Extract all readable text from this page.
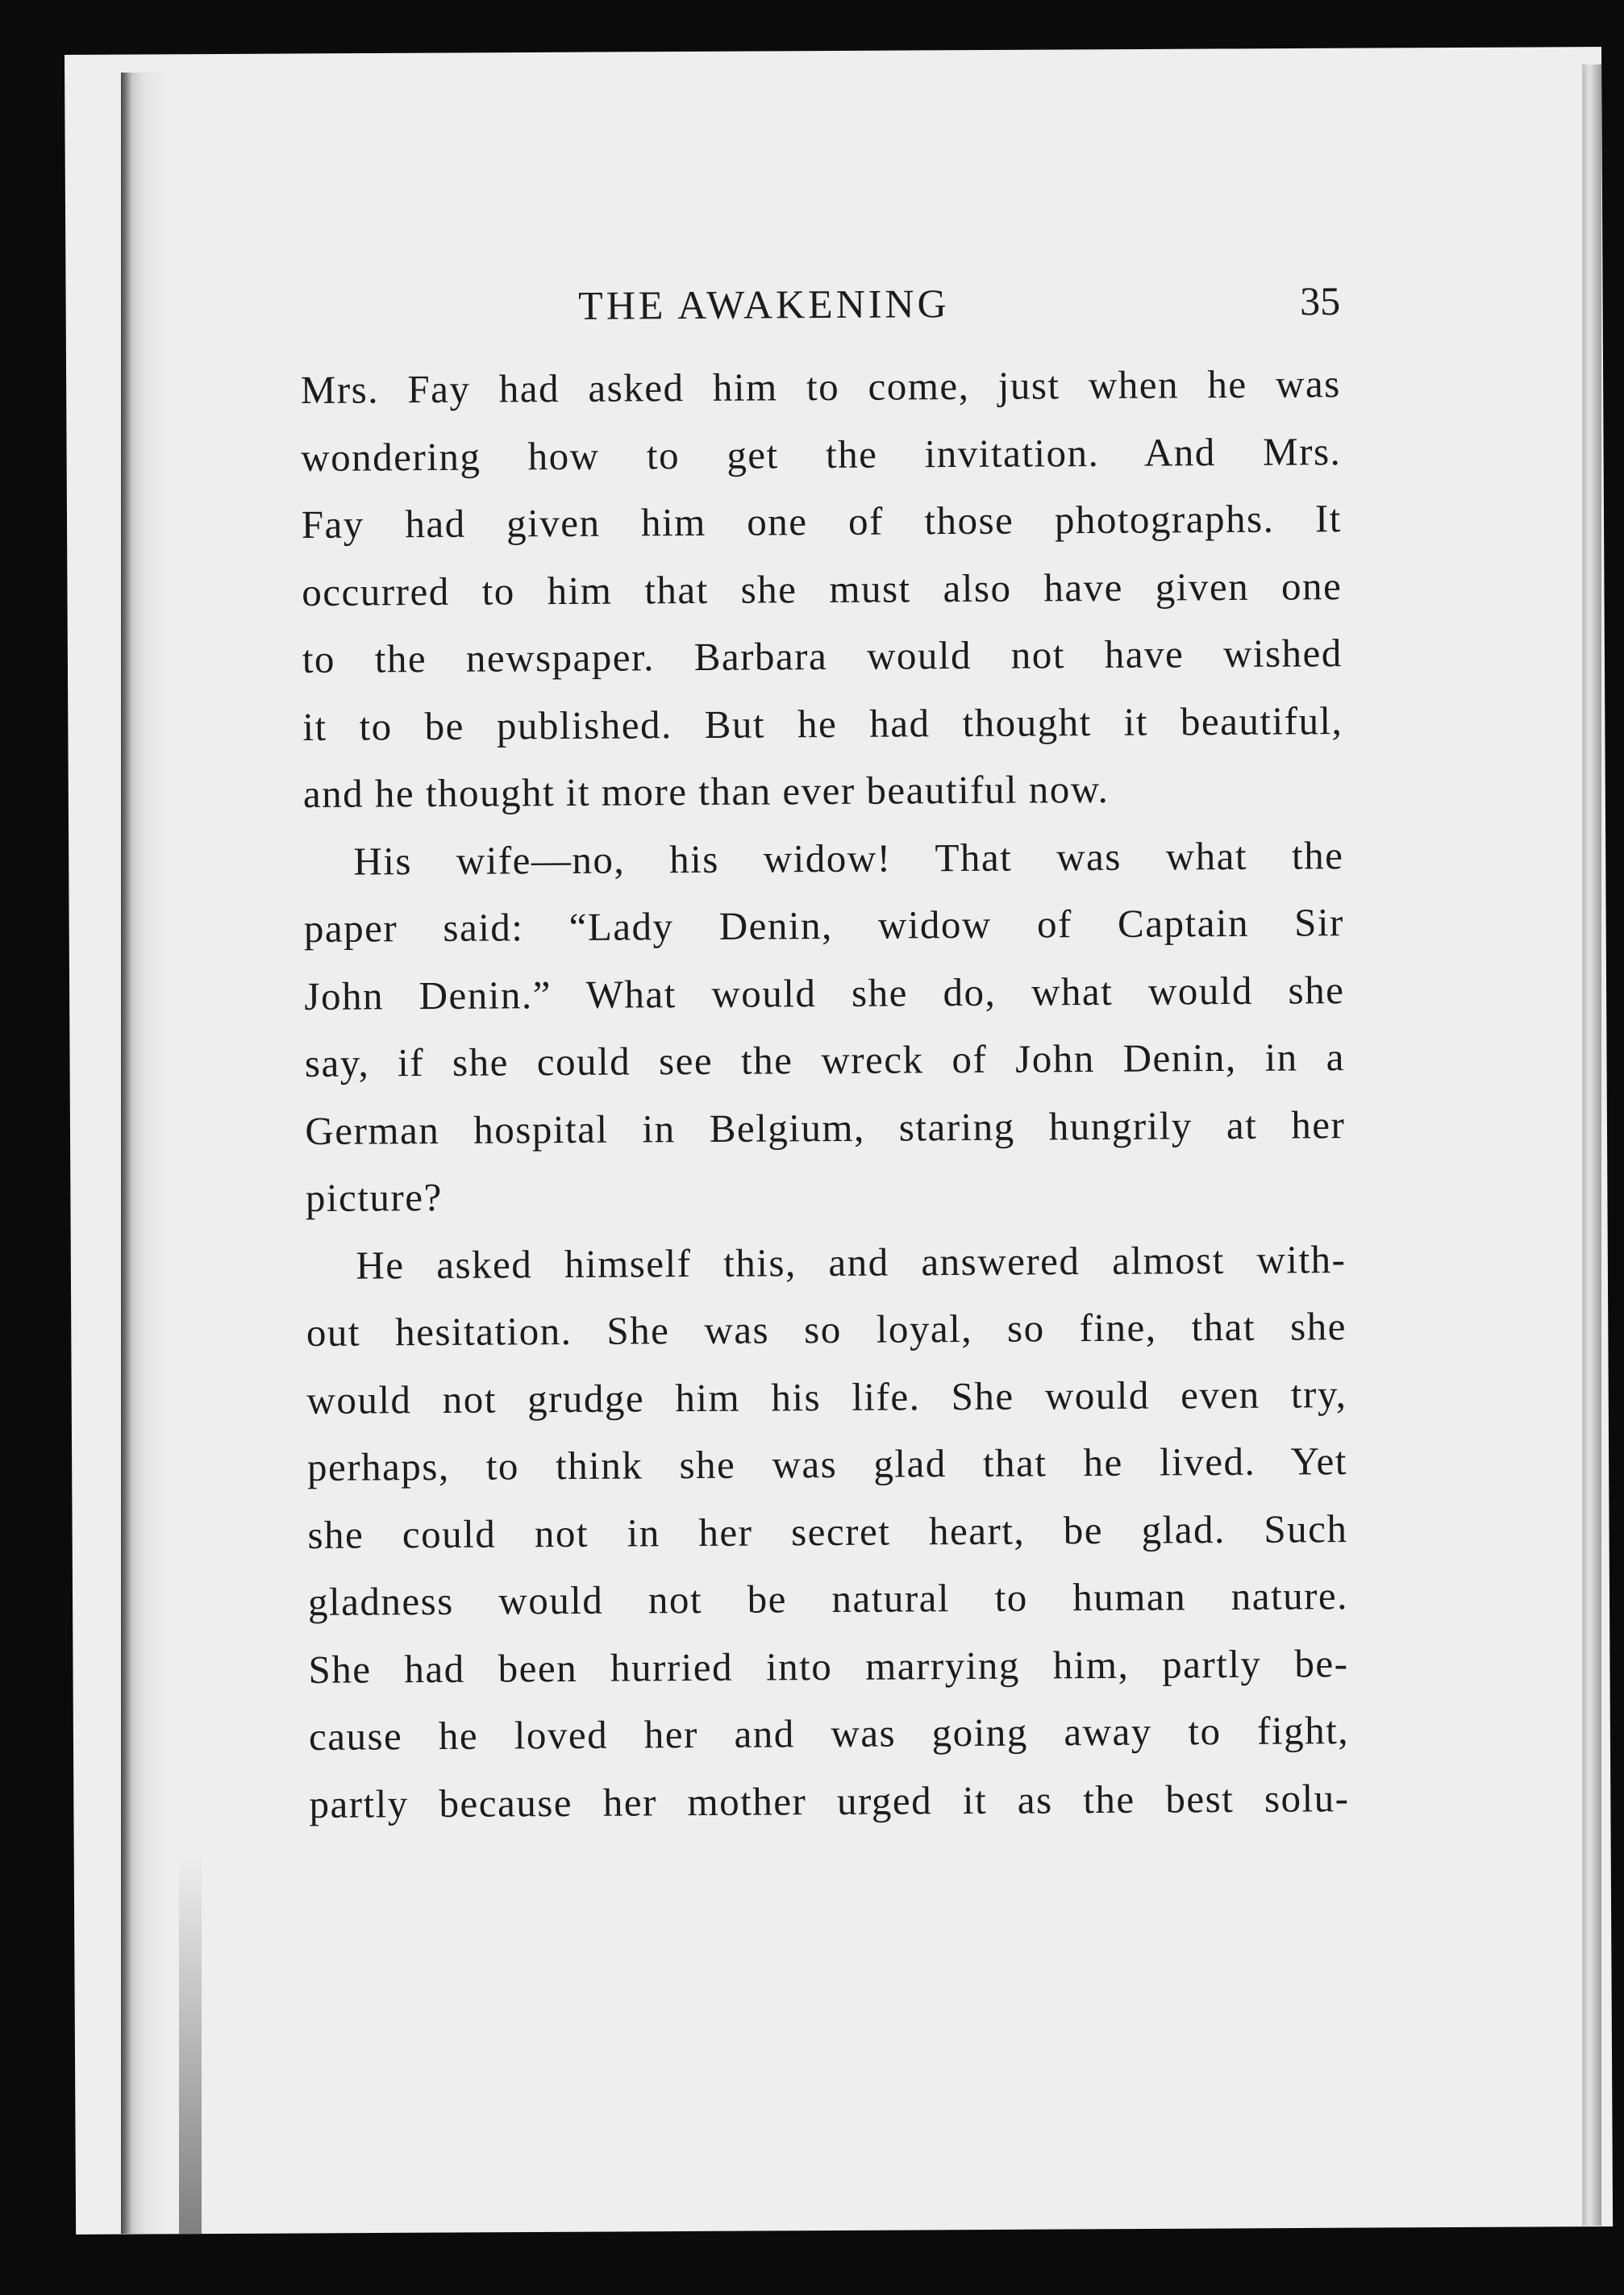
THE AWAKENING	35

Mrs. Fay had asked him to come, just when he was
wondering how to get the invitation. And Mrs.
Fay had given him one of those photographs. It
occurred to him that she must also have given one
to the newspaper. Barbara would not have wished
it to be published. But he had thought it beautiful,
and he thought it more than ever beautiful now.

His wife—no, his widow! That was what the
paper said: “Lady Denin, widow of Captain Sir
John Denin.” What would she do, what would she
say, if she could see the wreck of John Denin, in a
German hospital in Belgium, staring hungrily at her
picture?

He asked himself this, and answered almost with-
out hesitation. She was so loyal, so fine, that she
would not grudge him his life. She would even try,
perhaps, to think she was glad that he lived. Yet
she could not in her secret heart, be glad. Such
gladness would not be natural to human nature.
She had been hurried into marrying him, partly be-
cause he loved her and was going away to fight,
partly because her mother urged it as the best solu-
